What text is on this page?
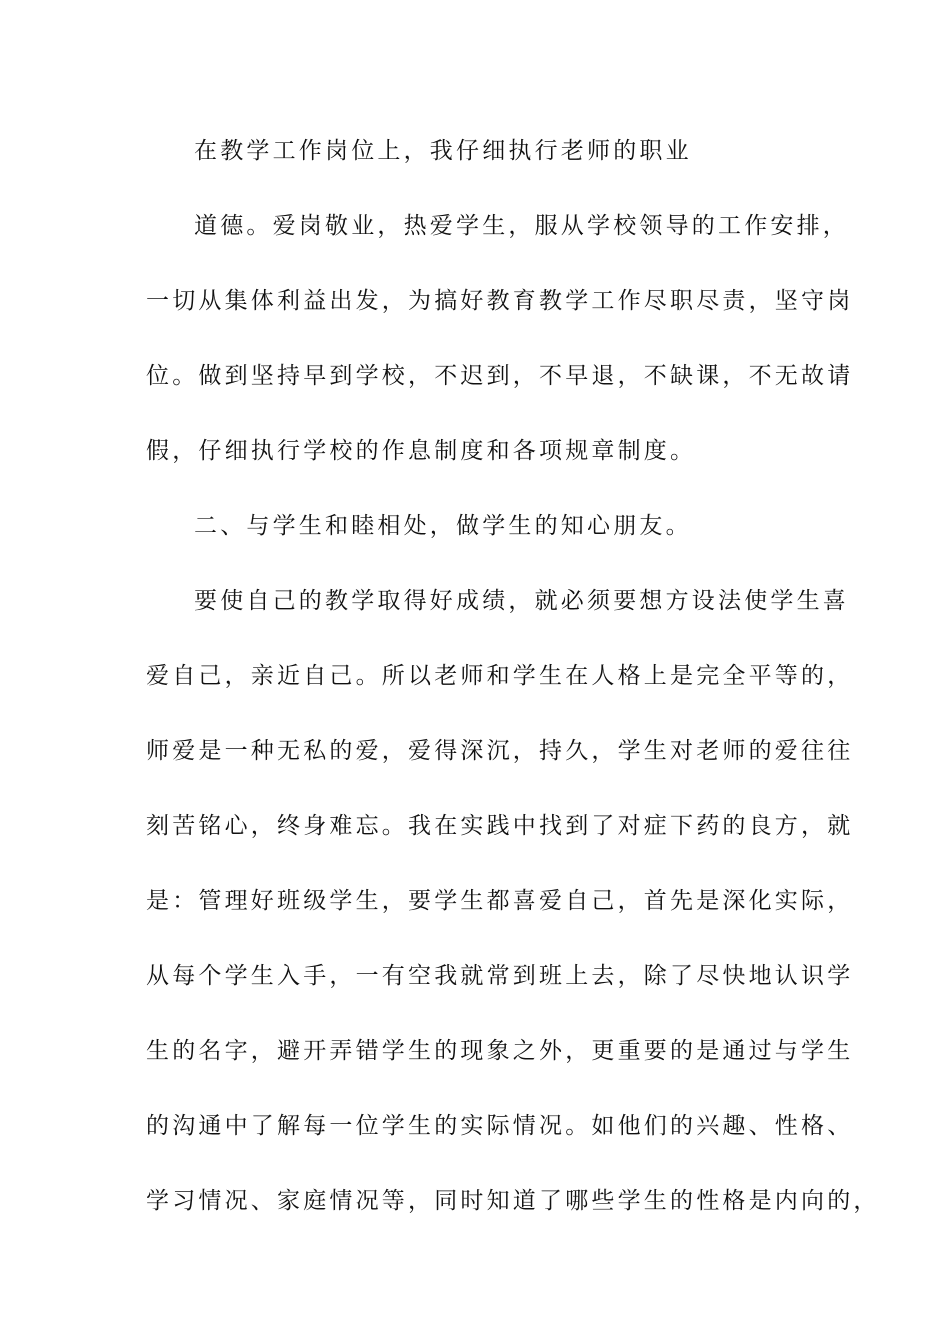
在教学工作岗位上，我仔细执行老师的职业
道德。爱岗敬业，热爱学生，服从学校领导的工作安排，
一切从集体利益出发，为搞好教育教学工作尽职尽责，坚守岗
位。做到坚持早到学校，不迟到，不早退，不缺课，不无故请
假，仔细执行学校的作息制度和各项规章制度。
二、与学生和睦相处，做学生的知心朋友。
要使自己的教学取得好成绩，就必须要想方设法使学生喜
爱自己，亲近自己。所以老师和学生在人格上是完全平等的，
师爱是一种无私的爱，爱得深沉，持久，学生对老师的爱往往
刻苦铭心，终身难忘。我在实践中找到了对症下药的良方，就
是：管理好班级学生，要学生都喜爱自己，首先是深化实际，
从每个学生入手，一有空我就常到班上去，除了尽快地认识学
生的名字，避开弄错学生的现象之外，更重要的是通过与学生
的沟通中了解每一位学生的实际情况。如他们的兴趣、性格、
学习情况、家庭情况等，同时知道了哪些学生的性格是内向的，
